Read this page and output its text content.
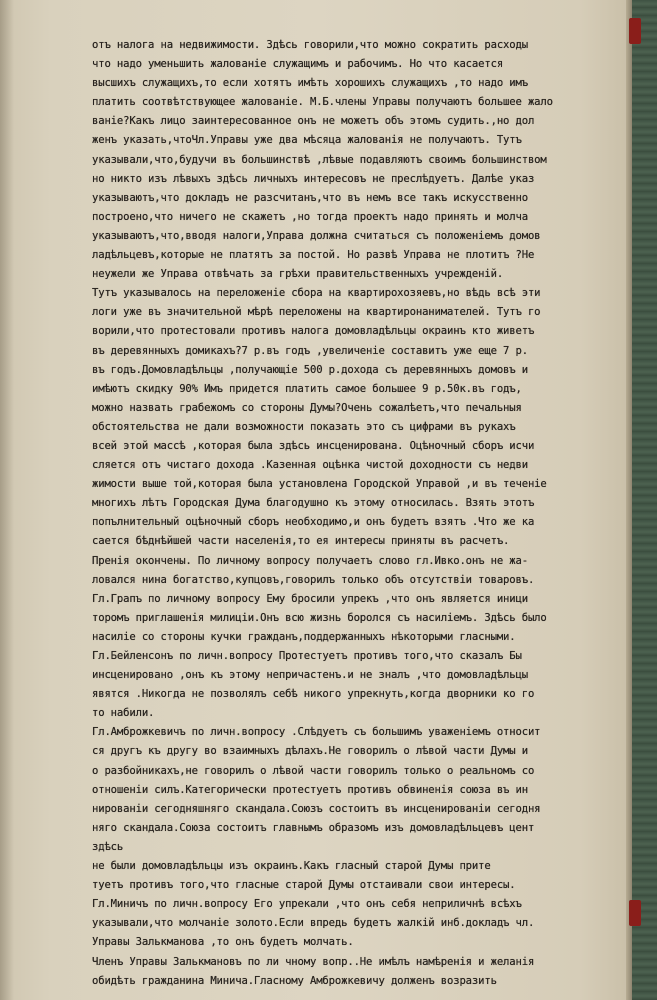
отъ налога на недвижимости. Здѣсь говорили,что можно сократить расходы
что надо уменьшить жалованіе служащимъ и рабочимъ. Но что касается
высшихъ служащихъ,то если хотятъ имѣть хорошихъ служащихъ ,то надо имъ
платить соотвѣтствующее жалованіе. М.Б.члены Управы получаютъ большее жало
ваніе?Какъ лицо заинтересованное онъ не можетъ объ этомъ судить.,но дол
женъ указать,чтоЧл.Управы уже два мѣсяца жалованія не получаютъ. Тутъ
указывали,что,будучи въ большинствѣ ,лѣвые подавляютъ своимъ большинством
но никто изъ лѣвыхъ здѣсь личныхъ интересовъ не преслѣдуетъ. Далѣе указ
указываютъ,что докладъ не разсчитанъ,что въ немъ все такъ искусственно
построено,что ничего не скажетъ ,но тогда проектъ надо принять и молча
указываютъ,что,вводя налоги,Управа должна считаться съ положеніемъ домов
ладѣльцевъ,которые не платятъ за постой. Но развѣ Управа не плотитъ ?Не
неужели же Управа отвѣчать за грѣхи правительственныхъ учрежденій.
Тутъ указывалось на переложеніе сбора на квартирохозяевъ,но вѣдь всѣ эти
логи уже въ значительной мѣрѣ переложены на квартиронанимателей. Тутъ го
ворили,что протестовали противъ налога домовладѣльцы окраинъ кто живетъ
въ деревянныхъ домикахъ?7 р.въ годъ ,увеличеніе составитъ уже еще 7 р.
въ годъ.Домовладѣльцы ,получающіе 500 р.дохода съ деревянныхъ домовъ и
имѣютъ скидку 90% Имъ придется платить самое большее 9 р.50к.въ годъ,
можно назвать грабежомъ со стороны Думы?Очень сожалѣетъ,что печальныя
обстоятельства не дали возможности показать это съ цифрами въ рукахъ
всей этой массѣ ,которая была здѣсь инсценирована. Оцѣночный сборъ исчи
сляется отъ чистаго дохода .Казенная оцѣнка чистой доходности съ недви
жимости выше той,которая была установлена Городской Управой ,и въ теченіе
многихъ лѣтъ Городская Дума благодушно къ этому относилась. Взять этотъ
попълнительный оцѣночный сборъ необходимо,и онъ будетъ взятъ .Что же ка
сается бѣднѣйшей части населенія,то ея интересы приняты въ расчетъ.
Пренія окончены. По личному вопросу получаетъ слово гл.Ивко.онъ не жа-
ловался нина богатство,купцовъ,говорилъ только объ отсутствіи товаровъ.
Гл.Грапъ по личному вопросу Ему бросили упрекъ ,что онъ является иници
торомъ приглашенія милиціи.Онъ всю жизнь боролся съ насиліемъ. Здѣсь было
насиліе со стороны кучки гражданъ,поддержанныхъ нѣкоторыми гласными.
Гл.Бейленсонъ по личн.вопросу Протестуетъ противъ того,что сказалъ Бы
инсценировано ,онъ къ этому непричастенъ.и не зналъ ,что домовладѣльцы
явятся .Никогда не позволялъ себѣ никого упрекнуть,когда дворники ко го
то набили.
Гл.Амброжкевичъ по личн.вопросу .Слѣдуетъ съ большимъ уваженіемъ относит
ся другъ къ другу во взаимныхъ дѣлахъ.Не говорилъ о лѣвой части Думы и
о разбойникахъ,не говорилъ о лѣвой части говорилъ только о реальномъ со
отношеніи силъ.Категорически протестуетъ противъ обвиненія союза въ ин
нированіи сегодняшняго скандала.Союзъ состоитъ въ инсценированіи сегодня
няго скандала.Союза состоитъ главнымъ образомъ изъ домовладѣльцевъ цент
здѣсь
не были домовладѣльцы изъ окраинъ.Какъ гласный старой Думы прите
туетъ противъ того,что гласные старой Думы отстаивали свои интересы.
Гл.Миничъ по личн.вопросу Его упрекали ,что онъ себя неприличнѣ всѣхъ
указывали,что молчаніе золото.Если впредь будетъ жалкій инб.докладъ чл.
Управы Залькманова ,то онъ будетъ молчать.
Членъ Управы Залькмановъ по ли чному вопр..Не имѣлъ намѣренія и желанія
обидѣть гражданина Минича.Гласному Амброжкевичу долженъ возразить
